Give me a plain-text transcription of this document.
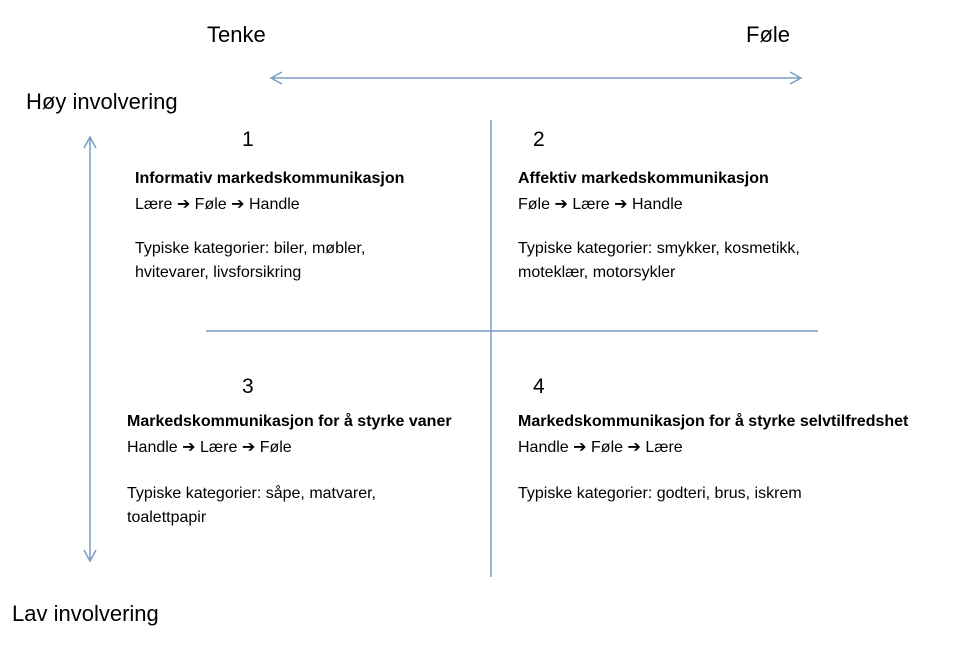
Tenke	Føle
Høy involvering
Lav involvering
1
Informativ markedskommunikasjon
Lære ➔ Føle ➔ Handle
Typiske kategorier: biler, møbler, hvitevarer, livsforsikring
2
Affektiv markedskommunikasjon
Føle ➔ Lære ➔ Handle
Typiske kategorier: smykker, kosmetikk, moteklær, motorsykler
3
Markedskommunikasjon for å styrke vaner
Handle ➔ Lære ➔ Føle
Typiske kategorier: såpe, matvarer, toalettpapir
4
Markedskommunikasjon for å styrke selvtilfredshet
Handle ➔ Føle ➔ Lære
Typiske kategorier: godteri, brus, iskrem
